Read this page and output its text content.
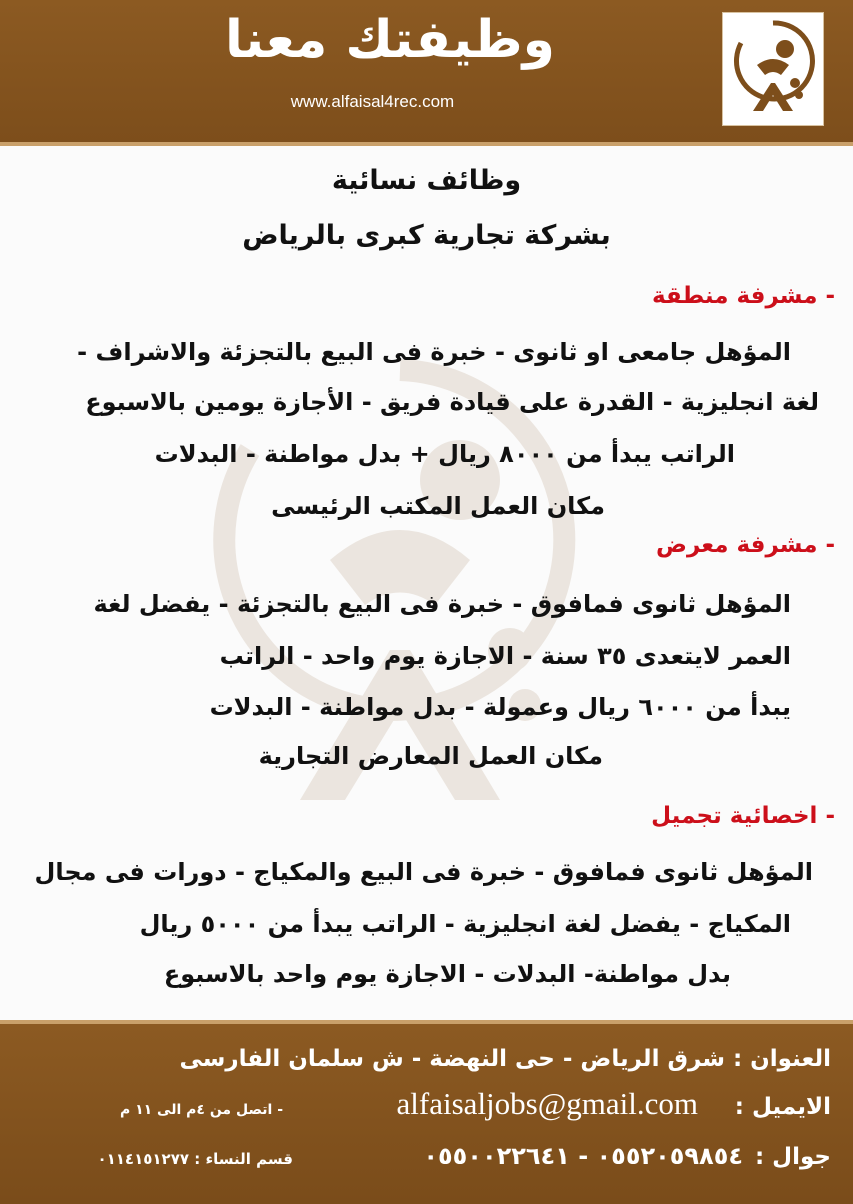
وظيفتك معنا
www.alfaisal4rec.com
وظائف نسائية
بشركة تجارية كبرى بالرياض
- مشرفة منطقة
المؤهل جامعى او ثانوى - خبرة فى البيع بالتجزئة والاشراف -
لغة انجليزية - القدرة على قيادة فريق - الأجازة يومين بالاسبوع
الراتب يبدأ من ٨٠٠٠ ريال + بدل مواطنة - البدلات
مكان العمل المكتب الرئيسى
- مشرفة معرض
المؤهل ثانوى فمافوق - خبرة فى البيع بالتجزئة - يفضل لغة
العمر لايتعدى ٣٥ سنة - الاجازة يوم واحد - الراتب
يبدأ من ٦٠٠٠ ريال وعمولة - بدل مواطنة - البدلات
مكان العمل المعارض التجارية
- اخصائية تجميل
المؤهل ثانوى فمافوق - خبرة فى البيع والمكياج - دورات فى مجال
المكياج - يفضل لغة انجليزية - الراتب يبدأ من ٥٠٠٠ ريال
بدل مواطنة- البدلات - الاجازة يوم واحد بالاسبوع
العنوان : شرق الرياض - حى النهضة - ش سلمان الفارسى
الايميل :
alfaisaljobs@gmail.com
- اتصل من ٤م الى ١١ م
جوال :
٠٥٥٢٠٥٩٨٥٤ - ٠٥٥٠٠٢٢٦٤١
قسم النساء : ٠١١٤١٥١٢٧٧
